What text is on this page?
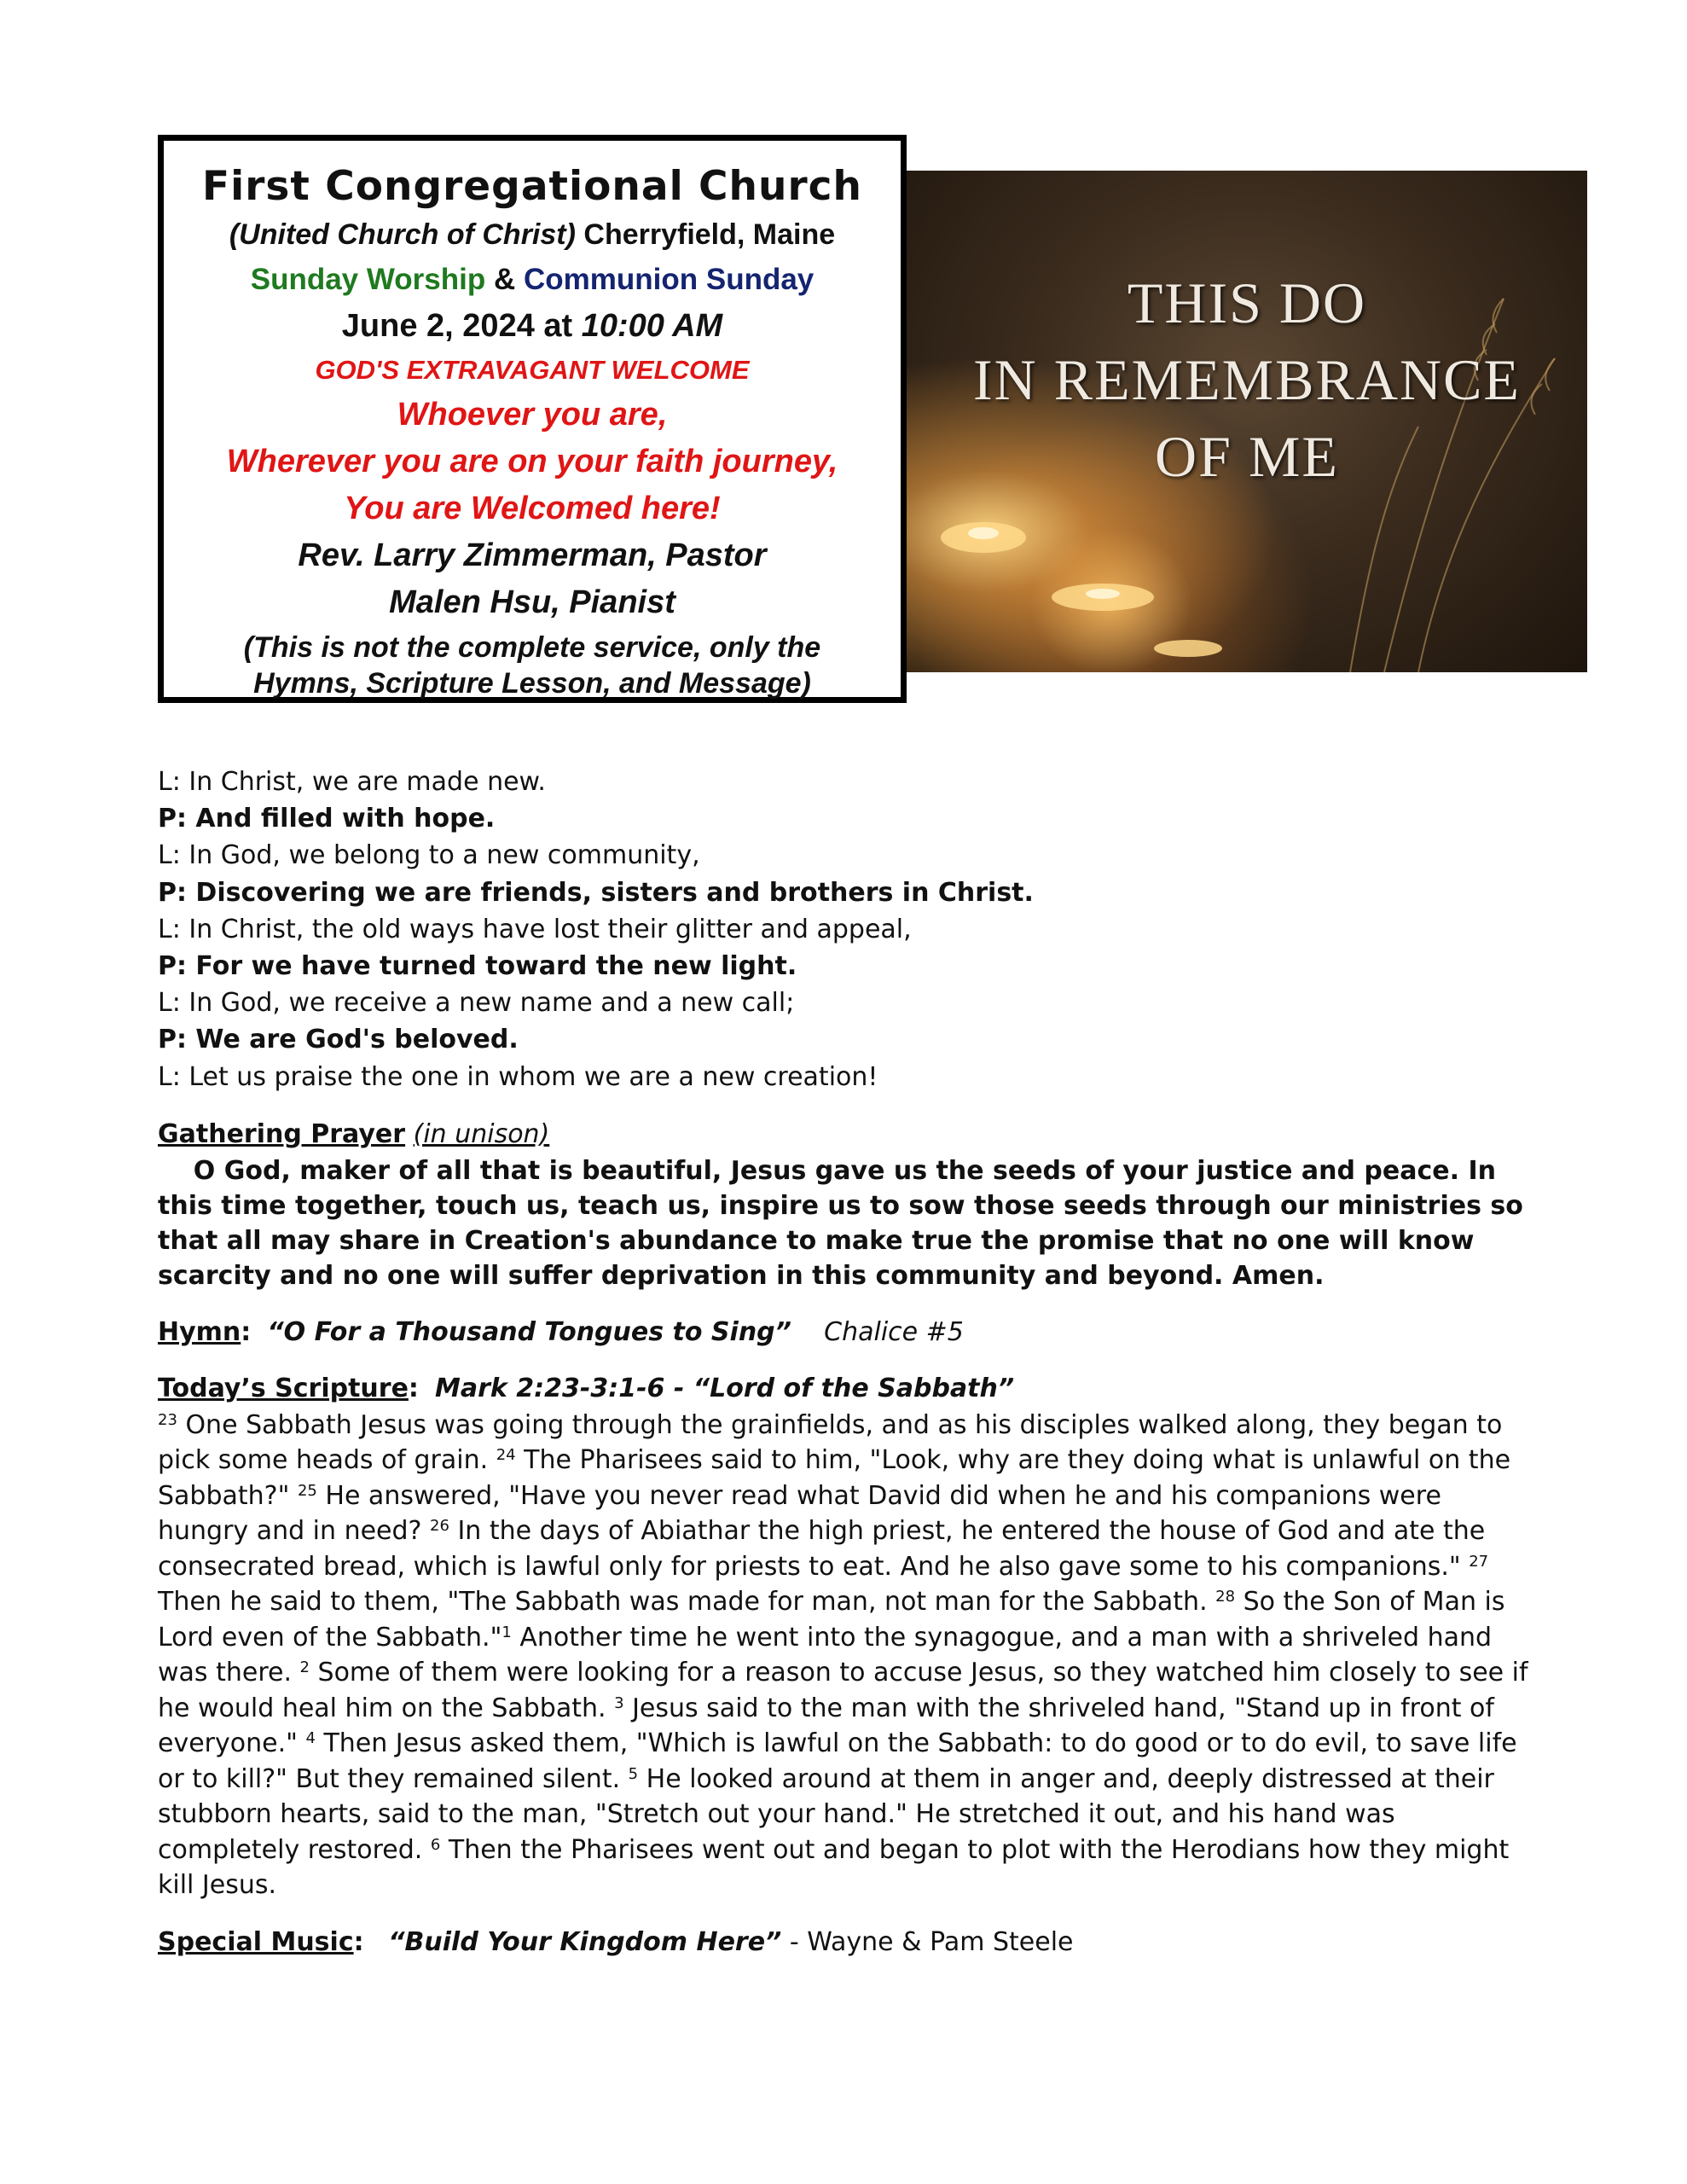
First Congregational Church
(United Church of Christ) Cherryfield, Maine
Sunday Worship & Communion Sunday
June 2, 2024 at 10:00 AM
GOD'S EXTRAVAGANT WELCOME
Whoever you are,
Wherever you are on your faith journey,
You are Welcomed here!
Rev. Larry Zimmerman, Pastor
Malen Hsu, Pianist
(This is not the complete service, only the
Hymns, Scripture Lesson, and Message)
THIS DO
IN REMEMBRANCE
OF ME
L: In Christ, we are made new.
P: And filled with hope.
L: In God, we belong to a new community,
P: Discovering we are friends, sisters and brothers in Christ.
L: In Christ, the old ways have lost their glitter and appeal,
P: For we have turned toward the new light.
L: In God, we receive a new name and a new call;
P: We are God's beloved.
L: Let us praise the one in whom we are a new creation!
Gathering Prayer (in unison)
O God, maker of all that is beautiful, Jesus gave us the seeds of your justice and peace. In this time together, touch us, teach us, inspire us to sow those seeds through our ministries so that all may share in Creation's abundance to make true the promise that no one will know scarcity and no one will suffer deprivation in this community and beyond. Amen.
Hymn: “O For a Thousand Tongues to Sing” Chalice #5
Today’s Scripture: Mark 2:23-3:1-6 - “Lord of the Sabbath”
$^{23}$ One Sabbath Jesus was going through the grainfields, and as his disciples walked along, they began to pick some heads of grain. $^{24}$ The Pharisees said to him, "Look, why are they doing what is unlawful on the Sabbath?" $^{25}$ He answered, "Have you never read what David did when he and his companions were hungry and in need? $^{26}$ In the days of Abiathar the high priest, he entered the house of God and ate the consecrated bread, which is lawful only for priests to eat. And he also gave some to his companions." $^{27}$ Then he said to them, "The Sabbath was made for man, not man for the Sabbath. $^{28}$ So the Son of Man is Lord even of the Sabbath."$^1$ Another time he went into the synagogue, and a man with a shriveled hand was there. $^2$ Some of them were looking for a reason to accuse Jesus, so they watched him closely to see if he would heal him on the Sabbath. $^3$ Jesus said to the man with the shriveled hand, "Stand up in front of everyone." $^4$ Then Jesus asked them, "Which is lawful on the Sabbath: to do good or to do evil, to save life or to kill?" But they remained silent. $^5$ He looked around at them in anger and, deeply distressed at their stubborn hearts, said to the man, "Stretch out your hand." He stretched it out, and his hand was completely restored. $^6$ Then the Pharisees went out and began to plot with the Herodians how they might kill Jesus.
Special Music: “Build Your Kingdom Here” - Wayne & Pam Steele
